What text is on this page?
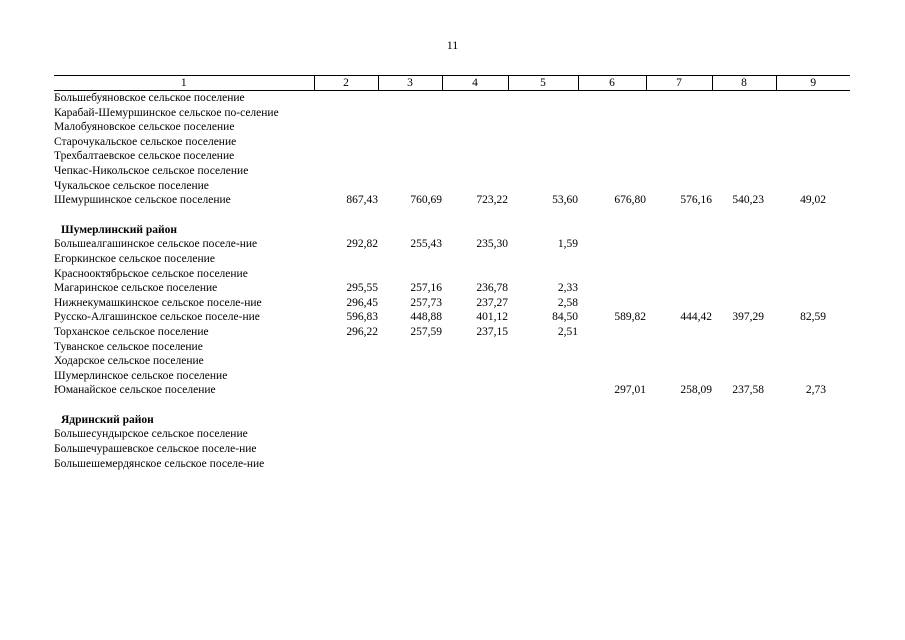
11
1	2	3	4	5	6	7	8	9
Большебуяновское сельское поселение								
Карабай-Шемуршинское сельское по-селение								
Малобуяновское сельское поселение								
Старочукальское сельское поселение								
Трехбалтаевское сельское поселение								
Чепкас-Никольское сельское поселение								
Чукальское сельское поселение								
Шемуршинское сельское поселение	867,43	760,69	723,22	53,60	676,80	576,16	540,23	49,02
Шумерлинский район								
Большеалгашинское сельское поселе-ние	292,82	255,43	235,30	1,59				
Егоркинское сельское поселение								
Краснооктябрьское сельское поселение								
Магаринское сельское поселение	295,55	257,16	236,78	2,33				
Нижнекумашкинское сельское поселе-ние	296,45	257,73	237,27	2,58				
Русско-Алгашинское сельское поселе-ние	596,83	448,88	401,12	84,50	589,82	444,42	397,29	82,59
Торханское сельское поселение	296,22	257,59	237,15	2,51				
Туванское сельское поселение								
Ходарское сельское поселение								
Шумерлинское сельское поселение								
Юманайское сельское поселение					297,01	258,09	237,58	2,73
Ядринский район								
Большесундырское сельское поселение								
Большечурашевское сельское поселе-ние								
Большешемердянское сельское поселе-ние								
